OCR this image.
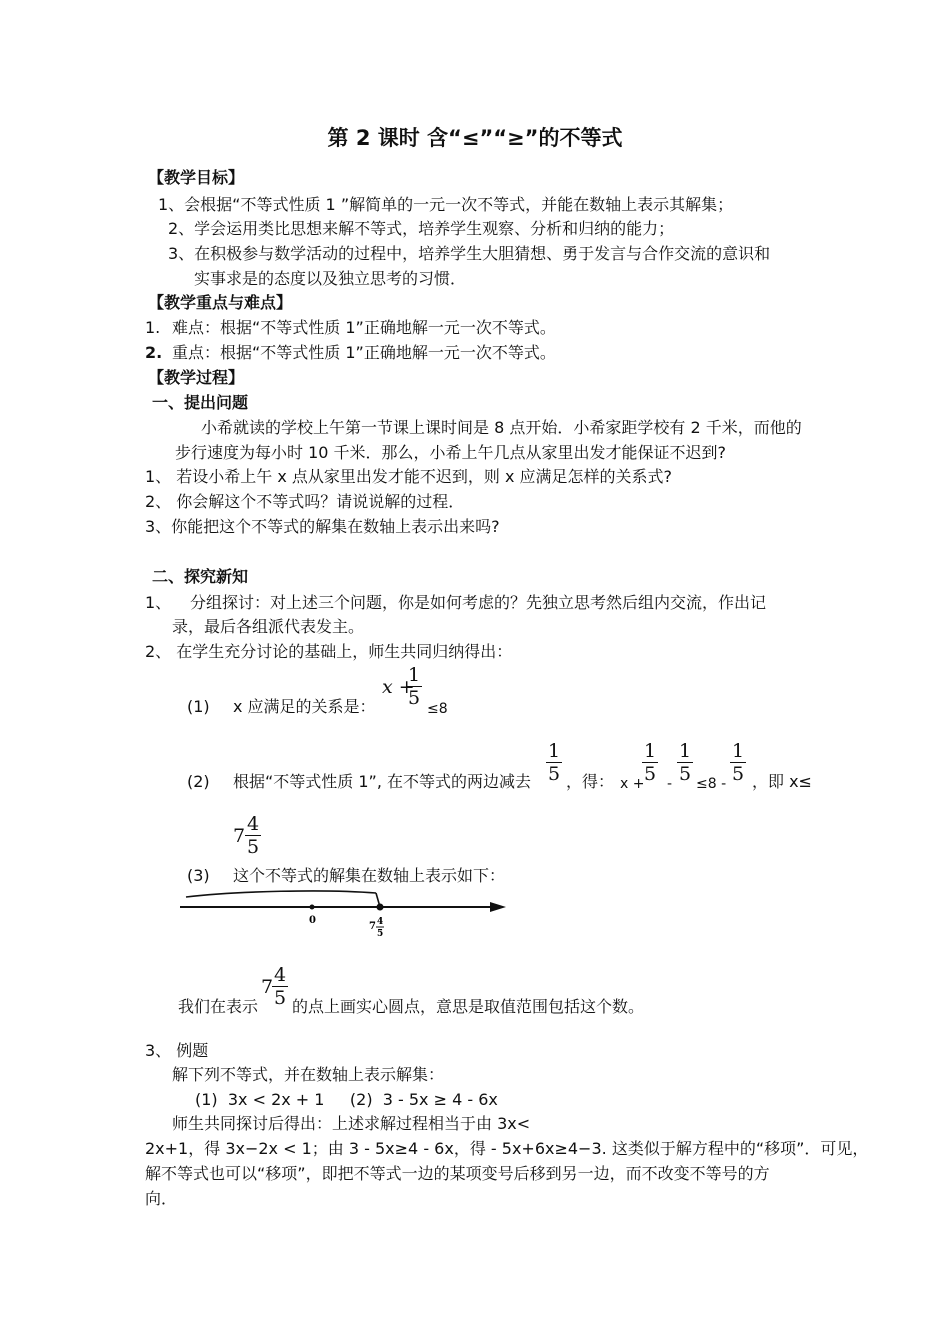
第 2 课时 含“≤”“≥”的不等式
【教学目标】
1、会根据“不等式性质 1 ”解简单的一元一次不等式，并能在数轴上表示其解集；
2、学会运用类比思想来解不等式，培养学生观察、分析和归纳的能力；
3、在积极参与数学活动的过程中，培养学生大胆猜想、勇于发言与合作交流的意识和
实事求是的态度以及独立思考的习惯．
【教学重点与难点】
1. 难点：根据“不等式性质 1”正确地解一元一次不等式。
2. 重点：根据“不等式性质 1”正确地解一元一次不等式。
【教学过程】
一、提出问题
小希就读的学校上午第一节课上课时间是 8 点开始．小希家距学校有 2 千米，而他的
步行速度为每小时 10 千米．那么，小希上午几点从家里出发才能保证不迟到?
1、 若设小希上午 x 点从家里出发才能不迟到，则 x 应满足怎样的关系式?
2、 你会解这个不等式吗？请说说解的过程．
3、你能把这个不等式的解集在数轴上表示出来吗?
二、探究新知
1、 分组探讨：对上述三个问题，你是如何考虑的？先独立思考然后组内交流，作出记
录，最后各组派代表发主。
2、 在学生充分讨论的基础上，师生共同归纳得出：
(1) x 应满足的关系是：
x +
$\frac{1}{5} \le 8$
(2) 根据“不等式性质 1”, 在不等式的两边减去 $\frac{1}{5}$ ，得： x +
$\frac{1}{5} - \frac{1}{5} \le 8 - \frac{1}{5}$ ，即 x≤
$7 \frac{4}{5}$
(3) 这个不等式的解集在数轴上表示如下：
0
7 4
5
我们在表示
7
$\frac{4}{5}$ 的点上画实心圆点，意思是取值范围包括这个数。
3、 例题
解下列不等式，并在数轴上表示解集：
(1)  3x < 2x + 1     (2)  3 - 5x ≥ 4 - 6x
师生共同探讨后得出：上述求解过程相当于由 3x<
2x+1，得 3x−2x < 1；由 3 - 5x≥4 - 6x，得 - 5x+6x≥4−3. 这类似于解方程中的“移项”．可见，
解不等式也可以“移项”，即把不等式一边的某项变号后移到另一边，而不改变不等号的方
向．
